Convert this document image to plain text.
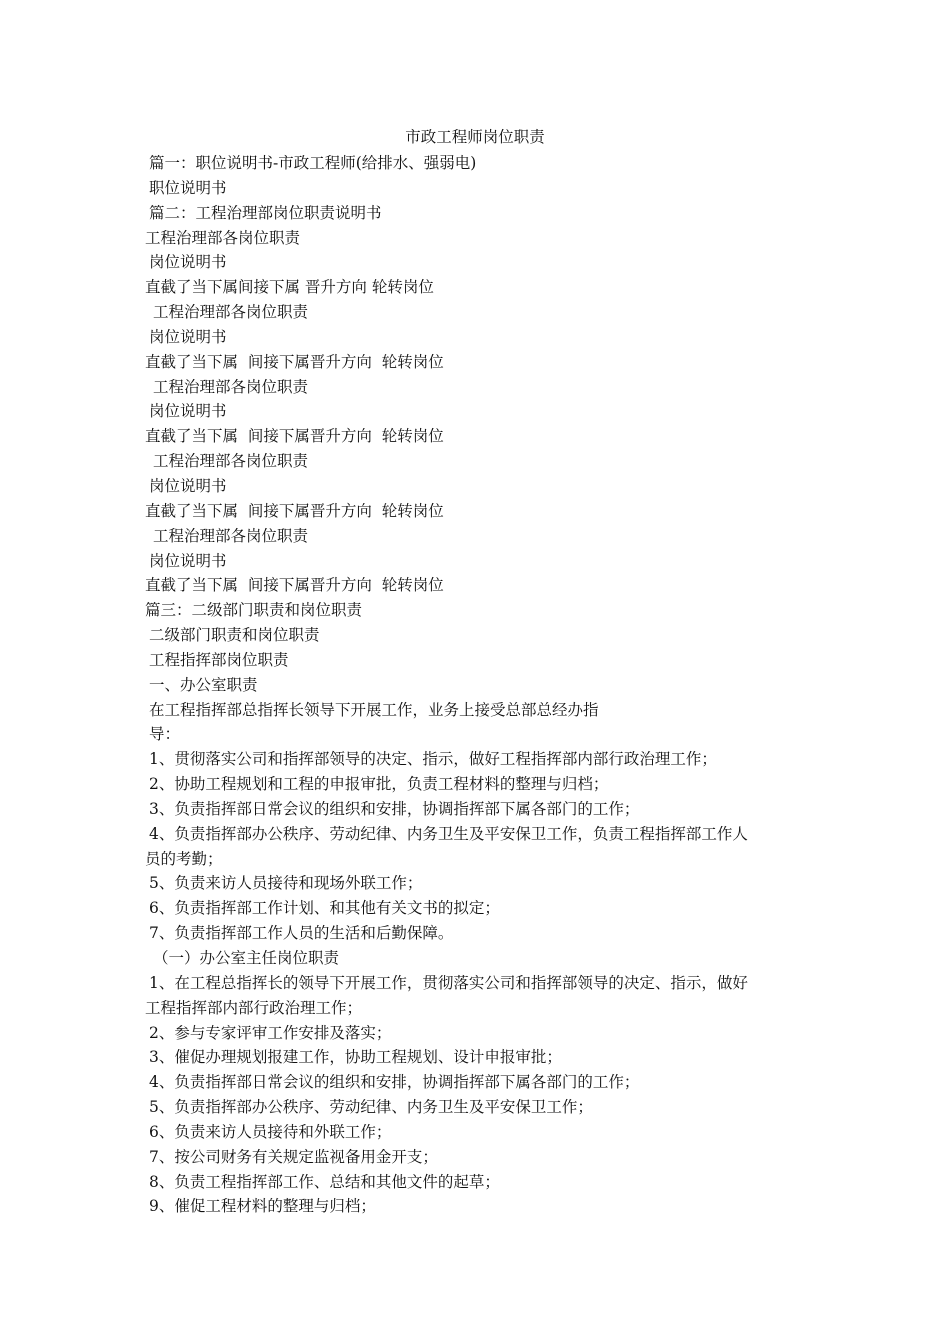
市政工程师岗位职责
篇一：职位说明书-市政工程师(给排水、强弱电)
职位说明书
篇二：工程治理部岗位职责说明书
工程治理部各岗位职责
岗位说明书
直截了当下属间接下属 晋升方向 轮转岗位
工程治理部各岗位职责
岗位说明书
直截了当下属  间接下属晋升方向  轮转岗位
工程治理部各岗位职责
岗位说明书
直截了当下属  间接下属晋升方向  轮转岗位
工程治理部各岗位职责
岗位说明书
直截了当下属  间接下属晋升方向  轮转岗位
工程治理部各岗位职责
岗位说明书
直截了当下属  间接下属晋升方向  轮转岗位
篇三：二级部门职责和岗位职责
二级部门职责和岗位职责
工程指挥部岗位职责
一、办公室职责
在工程指挥部总指挥长领导下开展工作，业务上接受总部总经办指
导：
1、贯彻落实公司和指挥部领导的决定、指示，做好工程指挥部内部行政治理工作；
2、协助工程规划和工程的申报审批，负责工程材料的整理与归档；
3、负责指挥部日常会议的组织和安排，协调指挥部下属各部门的工作；
4、负责指挥部办公秩序、劳动纪律、内务卫生及平安保卫工作，负责工程指挥部工作人
员的考勤；
5、负责来访人员接待和现场外联工作；
6、负责指挥部工作计划、和其他有关文书的拟定；
7、负责指挥部工作人员的生活和后勤保障。
（一）办公室主任岗位职责
1、在工程总指挥长的领导下开展工作，贯彻落实公司和指挥部领导的决定、指示，做好
工程指挥部内部行政治理工作；
2、参与专家评审工作安排及落实；
3、催促办理规划报建工作，协助工程规划、设计申报审批；
4、负责指挥部日常会议的组织和安排，协调指挥部下属各部门的工作；
5、负责指挥部办公秩序、劳动纪律、内务卫生及平安保卫工作；
6、负责来访人员接待和外联工作；
7、按公司财务有关规定监视备用金开支；
8、负责工程指挥部工作、总结和其他文件的起草；
9、催促工程材料的整理与归档；
